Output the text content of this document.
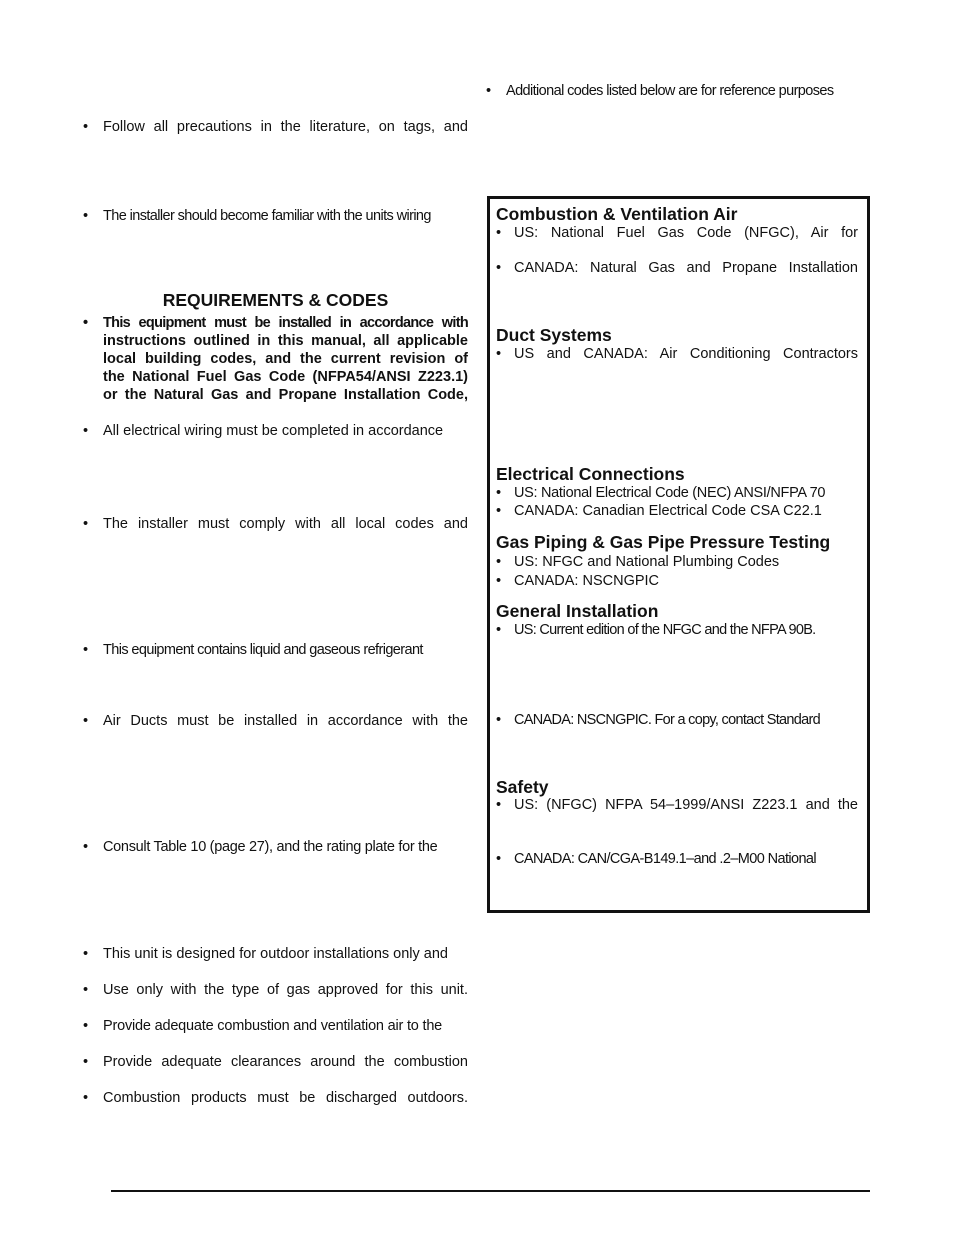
• Additional codes listed below are for reference purposes
• Follow all precautions in the literature, on tags, and
• The installer should become familiar with the units wiring
REQUIREMENTS & CODES
• This equipment must be installed in accordance with
instructions outlined in this manual, all applicable
local building codes, and the current revision of
the National Fuel Gas Code (NFPA54/ANSI Z223.1)
or the Natural Gas and Propane Installation Code,
• All electrical wiring must be completed in accordance
• The installer must comply with all local codes and
• This equipment contains liquid and gaseous refrigerant
• Air Ducts must be installed in accordance with the
• Consult Table 10 (page 27), and the rating plate for the
• This unit is designed for outdoor installations only and
• Use only with the type of gas approved for this unit.
• Provide adequate combustion and ventilation air to the
• Provide adequate clearances around the combustion
• Combustion products must be discharged outdoors.
Combustion & Ventilation Air
• US: National Fuel Gas Code (NFGC), Air for
• CANADA: Natural Gas and Propane Installation
Duct Systems
• US and CANADA: Air Conditioning Contractors
Electrical Connections
• US: National Electrical Code (NEC) ANSI/NFPA 70
• CANADA: Canadian Electrical Code CSA C22.1
Gas Piping & Gas Pipe Pressure Testing
• US: NFGC and National Plumbing Codes
• CANADA: NSCNGPIC
General Installation
• US: Current edition of the NFGC and the NFPA 90B.
• CANADA: NSCNGPIC. For a copy, contact Standard
Safety
• US: (NFGC) NFPA 54–1999/ANSI Z223.1 and the
• CANADA: CAN/CGA-B149.1–and .2–M00 National
